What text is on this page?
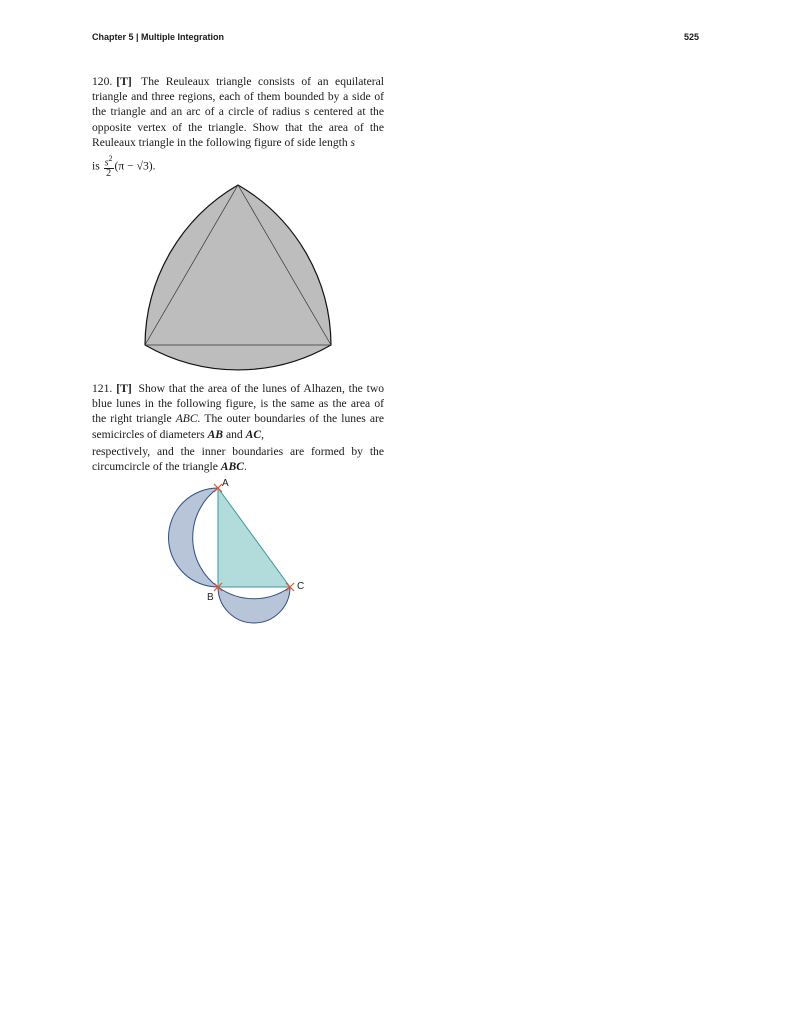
Chapter 5 | Multiple Integration	525

120. [T] The Reuleaux triangle consists of an equilateral triangle and three regions, each of them bounded by a side of the triangle and an arc of a circle of radius s centered at the opposite vertex of the triangle. Show that the area of the Reuleaux triangle in the following figure of side length s

is $\frac{s^2}{2} (\pi - √3)$.

121. [T] Show that the area of the lunes of Alhazen, the two blue lunes in the following figure, is the same as the area of the right triangle ABC. The outer boundaries of the lunes are semicircles of diameters AB and AC,

respectively, and the inner boundaries are formed by the circumcircle of the triangle ABC.

A
B
C
